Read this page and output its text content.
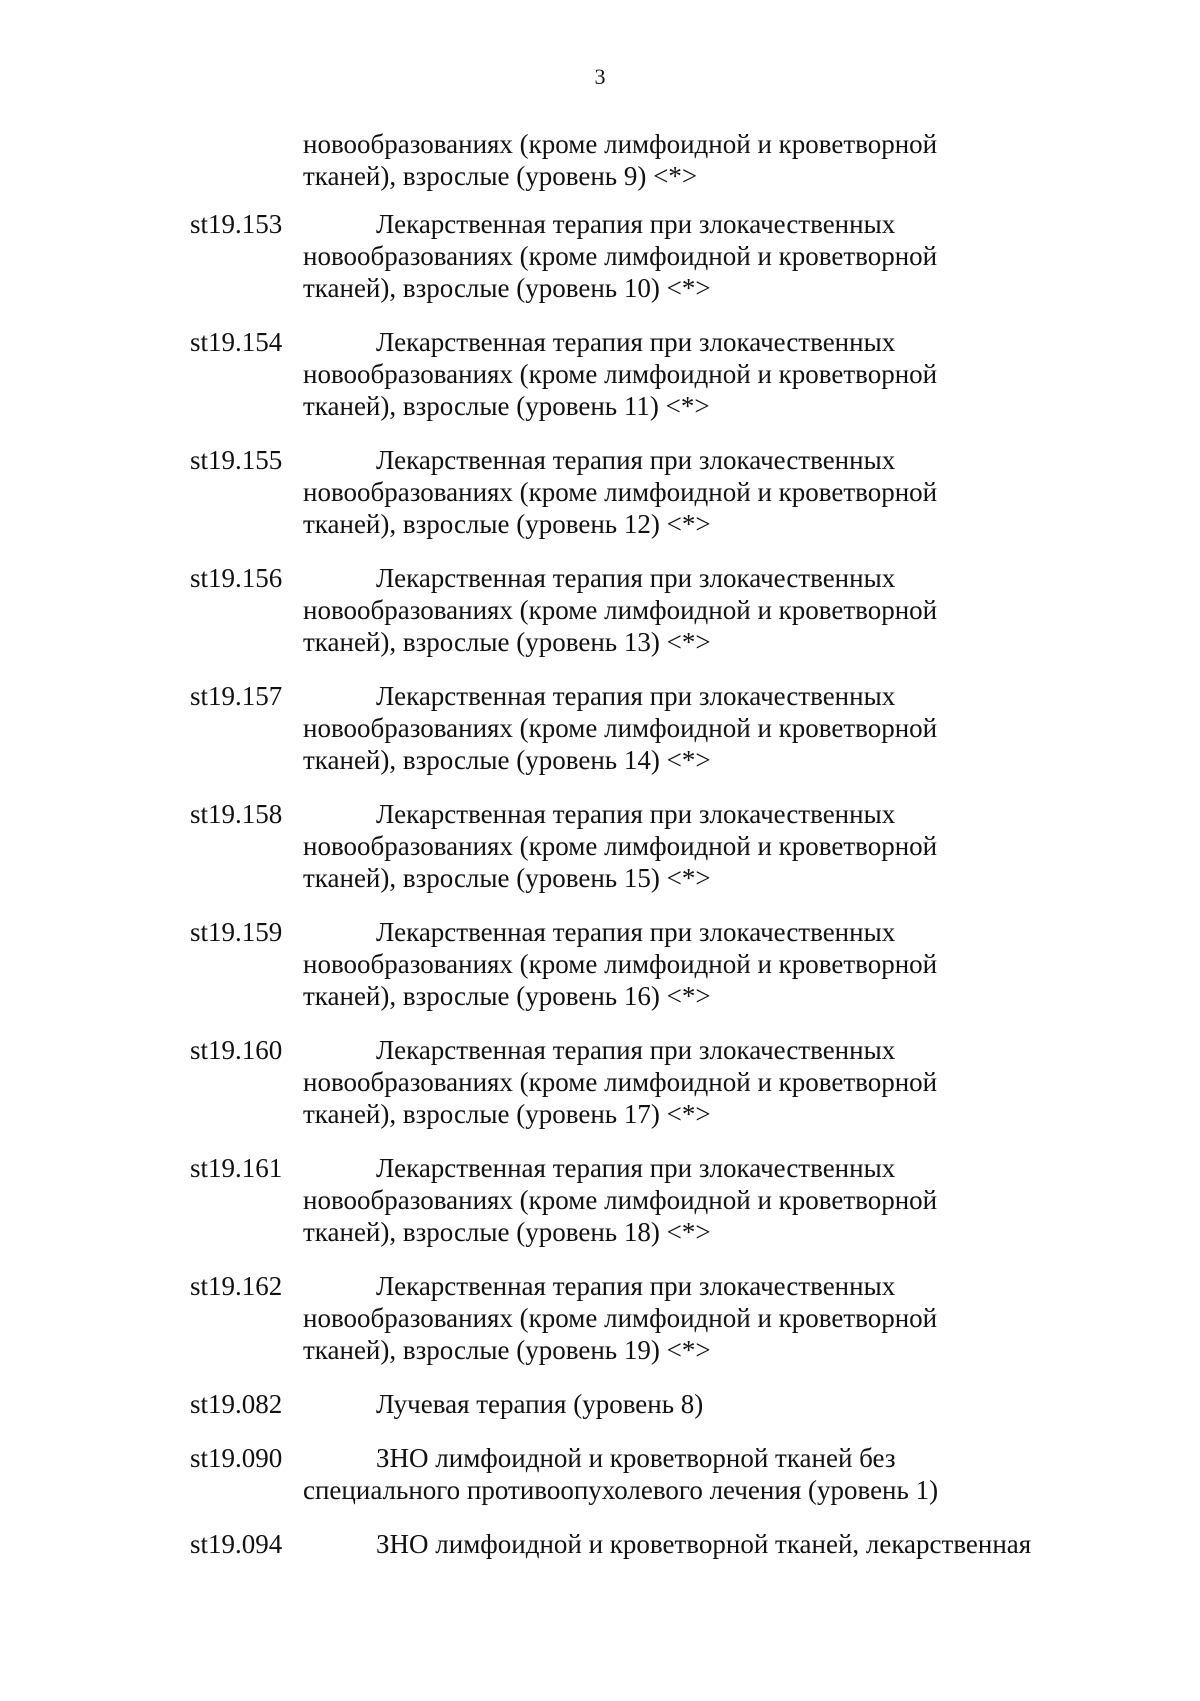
3
новообразованиях (кроме лимфоидной и кроветворной
тканей), взрослые (уровень 9) <*>
st19.153	Лекарственная терапия при злокачественных
новообразованиях (кроме лимфоидной и кроветворной
тканей), взрослые (уровень 10) <*>
st19.154	Лекарственная терапия при злокачественных
новообразованиях (кроме лимфоидной и кроветворной
тканей), взрослые (уровень 11) <*>
st19.155	Лекарственная терапия при злокачественных
новообразованиях (кроме лимфоидной и кроветворной
тканей), взрослые (уровень 12) <*>
st19.156	Лекарственная терапия при злокачественных
новообразованиях (кроме лимфоидной и кроветворной
тканей), взрослые (уровень 13) <*>
st19.157	Лекарственная терапия при злокачественных
новообразованиях (кроме лимфоидной и кроветворной
тканей), взрослые (уровень 14) <*>
st19.158	Лекарственная терапия при злокачественных
новообразованиях (кроме лимфоидной и кроветворной
тканей), взрослые (уровень 15) <*>
st19.159	Лекарственная терапия при злокачественных
новообразованиях (кроме лимфоидной и кроветворной
тканей), взрослые (уровень 16) <*>
st19.160	Лекарственная терапия при злокачественных
новообразованиях (кроме лимфоидной и кроветворной
тканей), взрослые (уровень 17) <*>
st19.161	Лекарственная терапия при злокачественных
новообразованиях (кроме лимфоидной и кроветворной
тканей), взрослые (уровень 18) <*>
st19.162	Лекарственная терапия при злокачественных
новообразованиях (кроме лимфоидной и кроветворной
тканей), взрослые (уровень 19) <*>
st19.082	Лучевая терапия (уровень 8)
st19.090	ЗНО лимфоидной и кроветворной тканей без
специального противоопухолевого лечения (уровень 1)
st19.094	ЗНО лимфоидной и кроветворной тканей, лекарственная
